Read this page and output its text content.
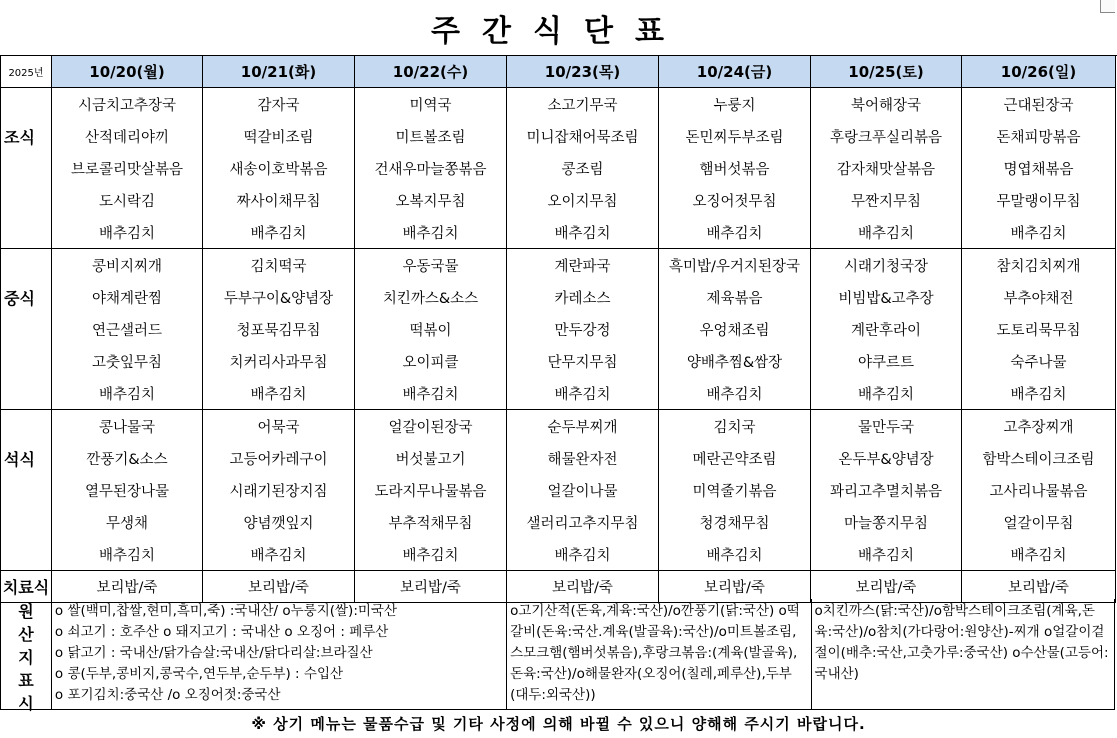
주간식단표
2025년	10/20(월)	10/21(화)	10/22(수)	10/23(목)	10/24(금)	10/25(토)	10/26(일)
	시금치고추장국	감자국	미역국	소고기무국	누룽지	북어해장국	근대된장국
조식	산적데리야끼	떡갈비조림	미트볼조림	미니잡채어묵조림	돈민찌두부조림	후랑크푸실리볶음	돈채피망볶음
	브로콜리맛살볶음	새송이호박볶음	건새우마늘쫑볶음	콩조림	햄버섯볶음	감자채맛살볶음	명엽채볶음
	도시락김	짜사이채무침	오복지무침	오이지무침	오징어젓무침	무짠지무침	무말랭이무침
	배추김치	배추김치	배추김치	배추김치	배추김치	배추김치	배추김치
	콩비지찌개	김치떡국	우동국물	계란파국	흑미밥/우거지된장국	시래기청국장	참치김치찌개
중식	야채계란찜	두부구이&양념장	치킨까스&소스	카레소스	제육볶음	비빔밥&고추장	부추야채전
	연근샐러드	청포묵김무침	떡볶이	만두강정	우엉채조림	계란후라이	도토리묵무침
	고춧잎무침	치커리사과무침	오이피클	단무지무침	양배추찜&쌈장	야쿠르트	숙주나물
	배추김치	배추김치	배추김치	배추김치	배추김치	배추김치	배추김치
	콩나물국	어묵국	얼갈이된장국	순두부찌개	김치국	물만두국	고추장찌개
석식	깐풍기&소스	고등어카레구이	버섯불고기	해물완자전	메란곤약조림	온두부&양념장	함박스테이크조림
	열무된장나물	시래기된장지짐	도라지무나물볶음	얼갈이나물	미역줄기볶음	꽈리고추멸치볶음	고사리나물볶음
	무생채	양념깻잎지	부추적채무침	샐러리고추지무침	청경채무침	마늘쫑지무침	얼갈이무침
	배추김치	배추김치	배추김치	배추김치	배추김치	배추김치	배추김치
치료식	보리밥/죽	보리밥/죽	보리밥/죽	보리밥/죽	보리밥/죽	보리밥/죽	보리밥/죽
원
산
지
표
시
o 쌀(백미,찹쌀,현미,흑미,죽) :국내산/ o누룽지(쌀):미국산
o 쇠고기 : 호주산 o 돼지고기 : 국내산 o 오징어 : 페루산
o 닭고기 : 국내산/닭가슴살:국내산/닭다리살:브라질산
o 콩(두부,콩비지,콩국수,연두부,순두부) : 수입산
o 포기김치:중국산 /o 오징어젓:중국산
o고기산적(돈육,계육:국산)/o깐풍기(닭:국산) o떡갈비(돈육:국산.계육(발골육):국산)/o미트볼조림,스모크햄(햄버섯볶음),후랑크볶음:(계육(발골육),돈육:국산)/o해물완자(오징어(칠레,페루산),두부(대두:외국산))
o치킨까스(닭:국산)/o함박스테이크조림(계육,돈육:국산)/o참치(가다랑어:원양산)-찌개 o얼갈이겉절이(배추:국산,고춧가루:중국산) o수산물(고등어:국내산)
※ 상기 메뉴는 물품수급 및 기타 사정에 의해 바뀔 수 있으니 양해해 주시기 바랍니다.
